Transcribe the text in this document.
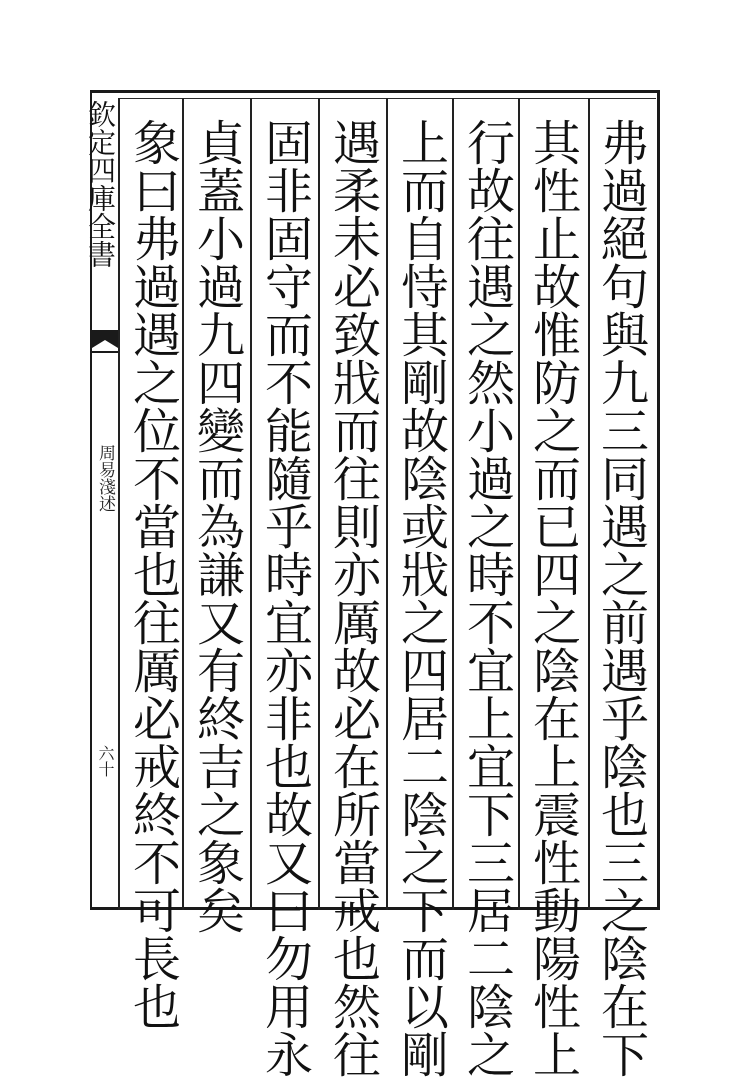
欽定四庫全書
周易淺述
六十	弗過絕句與九三同遇之前遇乎陰也三之陰在下
其性止故惟防之而已四之陰在上震性動陽性上
行故往遇之然小過之時不宜上宜下三居二陰之
上而自恃其剛故陰或戕之四居二陰之下而以剛
遇柔未必致戕而往則亦厲故必在所當戒也然往
固非固守而不能隨乎時宜亦非也故又曰勿用永
貞蓋小過九四變而為謙又有終吉之象矣
象曰弗過遇之位不當也往厲必戒終不可長也
